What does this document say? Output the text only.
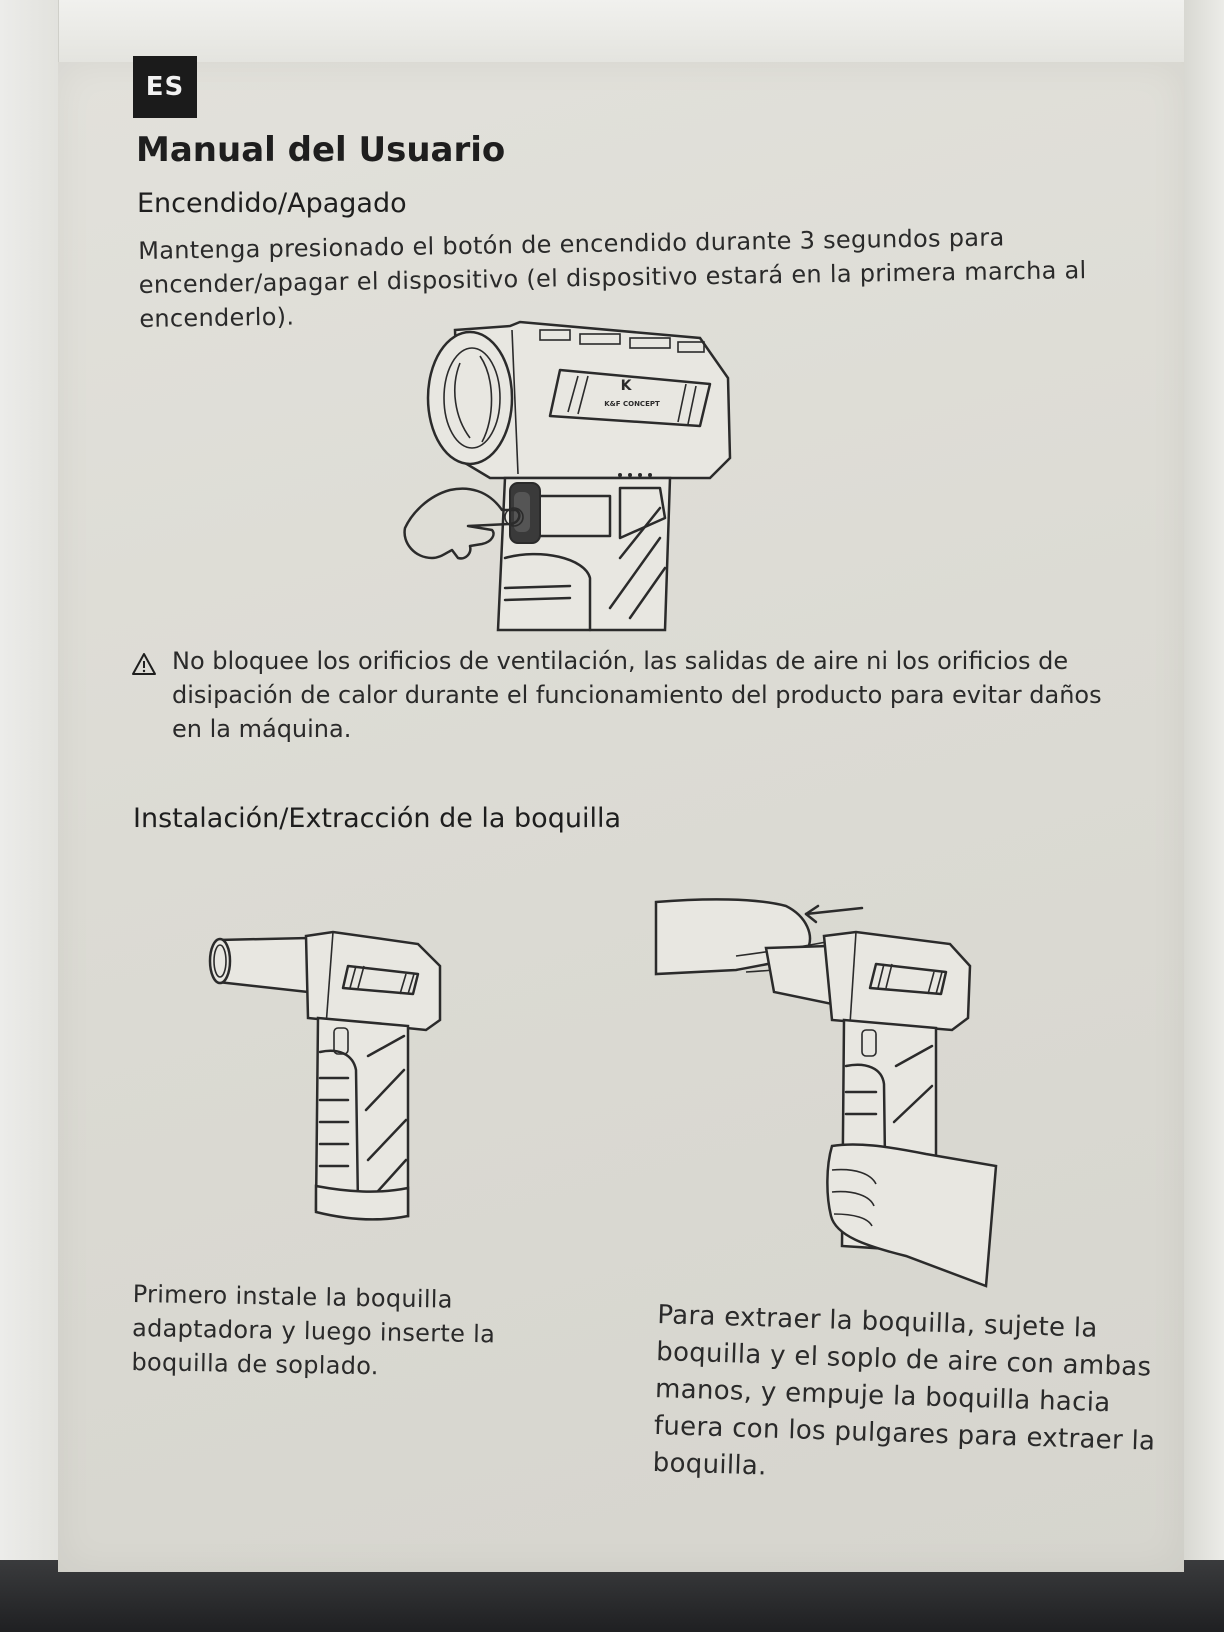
ES
Manual del Usuario
Encendido/Apagado

Mantenga presionado el botón de encendido durante 3 segundos para encender/apagar el dispositivo (el dispositivo estará en la primera marcha al encenderlo).

K&F CONCEPT
K

No bloquee los orificios de ventilación, las salidas de aire ni los orificios de disipación de calor durante el funcionamiento del producto para evitar daños en la máquina.

Instalación/Extracción de la boquilla

Primero instale la boquilla adaptadora y luego inserte la boquilla de soplado.

Para extraer la boquilla, sujete la boquilla y el soplo de aire con ambas manos, y empuje la boquilla hacia fuera con los pulgares para extraer la boquilla.
